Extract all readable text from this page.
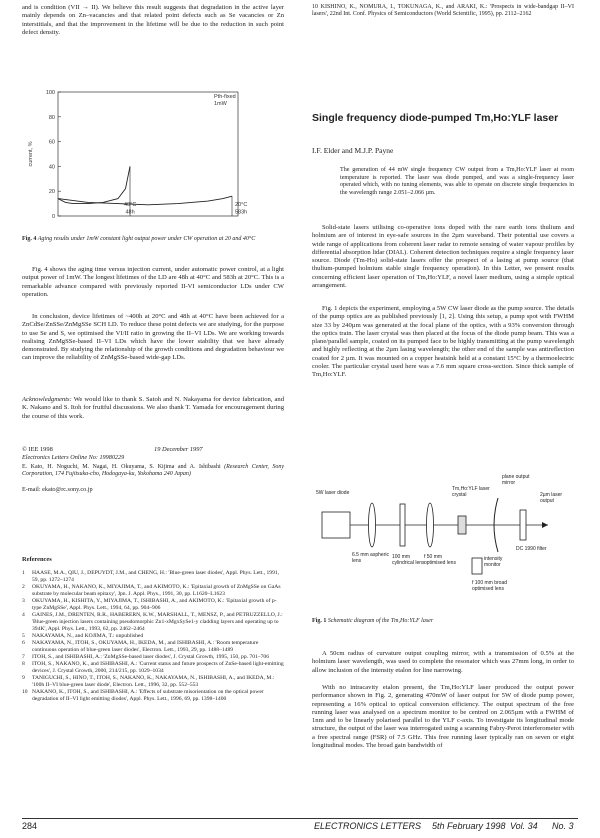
and is condition (VII → II). We believe this result suggests that degradation in the active layer mainly depends on Zn–vacancies and that related point defects such as Se vacancies or Zn interstitials, and that the improvement in the lifetime will be due to the reduction in such point defect density.

100
80
60
40
20
0
current, %
40°C
48h
20°C
583h
Pth-fixed
1mW

Fig. 4 Aging results under 1mW constant light output power under CW operation at 20 and 40°C

Fig. 4 shows the aging time versus injection current, under automatic power control, at a light output power of 1mW. The longest lifetimes of the LD are 48h at 40°C and 583h at 20°C. This is a remarkable advance compared with previously reported II-VI semiconductor LDs under CW operation.

In conclusion, device lifetimes of ~400h at 20°C and 48h at 40°C have been achieved for a ZnCdSe/ZnSSe/ZnMgSSe SCH LD. To reduce these point defects we are studying, for the purpose to use Se and S, we optimised the VI/II ratio in growing the II–VI LDs. We are working towards realising ZnMgSSe-based II–VI LDs which have the lower stability that we have already demonstrated. By studying the relationship of the growth conditions and degradation behaviour we can improve the reliability of ZnMgSSe-based wide-gap LDs.

Acknowledgments: We would like to thank S. Satoh and N. Nakayama for device fabrication, and K. Nakano and S. Itoh for fruitful discussions. We also thank T. Yamada for encouragement during the course of this work.

© IEE 1998	19 December 1997
Electronics Letters Online No: 19980229

E. Kato, H. Noguchi, M. Nagai, H. Okuyama, S. Kijima and A. Ishibashi (Research Center, Sony Corporation, 174 Fujitsuka-cho, Hodogaya-ku, Yokohama 240 Japan)

E-mail: ekato@rc.sony.co.jp
References
1	HAASE, M.A., QIU, J., DEPUYDT, J.M., and CHENG, H.: 'Blue-green laser diodes', Appl. Phys. Lett., 1991, 59, pp. 1272–1274
2	OKUYAMA, H., NAKANO, K., MIYAJIMA, T., and AKIMOTO, K.: 'Epitaxial growth of ZnMgSSe on GaAs substrate by molecular beam epitaxy', Jpn. J. Appl. Phys., 1991, 30, pp. L1620–L1623
3	OKUYAMA, H., KISHITA, Y., MIYAJIMA, T., ISHIBASHI, A., and AKIMOTO, K.: 'Epitaxial growth of p-type ZnMgSSe', Appl. Phys. Lett., 1994, 64, pp. 904–906
4	GAINES, J.M., DRENTEN, R.R., HABERERN, K.W., MARSHALL, T., MENSZ, P., and PETRUZZELLO, J.: 'Blue-green injection lasers containing pseudomorphic Zn1-xMgxSySe1-y cladding layers and operating up to 394K', Appl. Phys. Lett., 1993, 62, pp. 2462–2464
5	NAKAYAMA, N., and KOJIMA, T.: unpublished
6	NAKAYAMA, N., ITOH, S., OKUYAMA, H., IKEDA, M., and ISHIBASHI, A.: 'Room temperature continuous operation of blue-green laser diodes', Electron. Lett., 1993, 29, pp. 1488–1489
7	ITOH, S., and ISHIBASHI, A.: 'ZnMgSSe-based laser diodes', J. Crystal Growth, 1995, 150, pp. 701–706
8	ITOH, S., NAKANO, K., and ISHIBASHI, A.: 'Current status and future prospects of ZnSe-based light-emitting devices', J. Crystal Growth, 2000, 214/215, pp. 1029–1034
9	TANIGUCHI, S., HINO, T., ITOH, S., NAKANO, K., NAKAYAMA, N., ISHIBASHI, A., and IKEDA, M.: '100h II–VI blue-green laser diode', Electron. Lett., 1996, 32, pp. 552–553
10 NAKANO, K., ITOH, S., and ISHIBASHI, A.: 'Effects of substrate misorientation on the optical power degradation of II–VI light emitting diodes', Appl. Phys. Lett., 1996, 69, pp. 1398–1400

10 KISHINO, K., NOMURA, I., TOKUNAGA, K., and ARAKI, K.: 'Prospects in wide-bandgap II–VI lasers', 22nd Int. Conf. Physics of Semiconductors (World Scientific, 1995), pp. 2112–2162

Single frequency diode-pumped Tm,Ho:YLF laser
I.F. Elder and M.J.P. Payne

The generation of 44 mW single frequency CW output from a Tm,Ho:YLF laser at room temperature is reported. The laser was diode pumped, and was a single-frequency laser operated which, with no tuning elements, was able to operate on discrete single frequencies in the wavelength range 2.051–2.066 µm.

Solid-state lasers utilising co-operative ions doped with the rare earth ions thulium and holmium are of interest in eye-safe sources in the 2µm waveband. Their potential use covers a wide range of applications from coherent laser radar to remote sensing of water vapour profiles by differential absorption lidar (DIAL). Coherent detection techniques require a single frequency laser source. Diode (Tm-Ho) solid-state lasers offer the prospect of a lasing at pump source (that thulium-pumped holmium stable single frequency operation). In this Letter, we present results concerning efficient laser operation of Tm,Ho:YLF, a novel laser medium, using a simple optical arrangement.

Fig. 1 depicts the experiment, employing a 5W CW laser diode as the pump source. The details of the pump optics are as published previously [1, 2]. Using this setup, a pump spot with FWHM size 33 by 240µm was generated at the focal plane of the optics, with a 93% conversion through the optics train. The laser crystal was then placed at the focus of the diode pump beam. This was a plane/parallel sample, coated on its pumped face to be highly transmitting at the pump wavelength and highly reflecting at the 2µm lasing wavelength; the other end of the sample was antireflection coated for 2 µm. It was mounted on a copper heatsink held at a constant 15°C by a thermoelectric cooler. The particular crystal used here was a 7.6 mm square cross-section. Since thick sample of Tm,Ho:YLF.

5W laser diode
Tm,Ho:YLF laser crystal
plane output mirror
2µm laser output
6.5 mm aspheric lens
100 mm cylindrical lens
f 50 mm optimised lens
intensity monitor
DC 1990 filter
f 100 mm broad optimised lens

Fig. 1 Schematic diagram of the Tm,Ho:YLF laser

A 50cm radius of curvature output coupling mirror, with a transmission of 0.5% at the holmium laser wavelength, was used to complete the resonator which was 27mm long, in order to allow inclusion of the intensity etalon for line narrowing.

With no intracavity etalon present, the Tm,Ho:YLF laser produced the output power performance shown in Fig. 2, generating 470mW of laser output for 5W of diode pump power, representing a 16% optical to optical conversion efficiency. The output spectrum of the free running laser was analysed on a spectrum monitor to be centred on 2.065µm with a FWHM of 1nm and to be linearly polarised parallel to the YLF c-axis. To investigate its longitudinal mode structure, the output of the laser was interrogated using a scanning Fabry-Perot interferometer with a free spectral range (FSR) of 7.5 GHz. This free running laser typically ran on seven or eight longitudinal modes. The broad gain bandwidth of

284	ELECTRONICS LETTERS 5th February 1998 Vol. 34 No. 3
